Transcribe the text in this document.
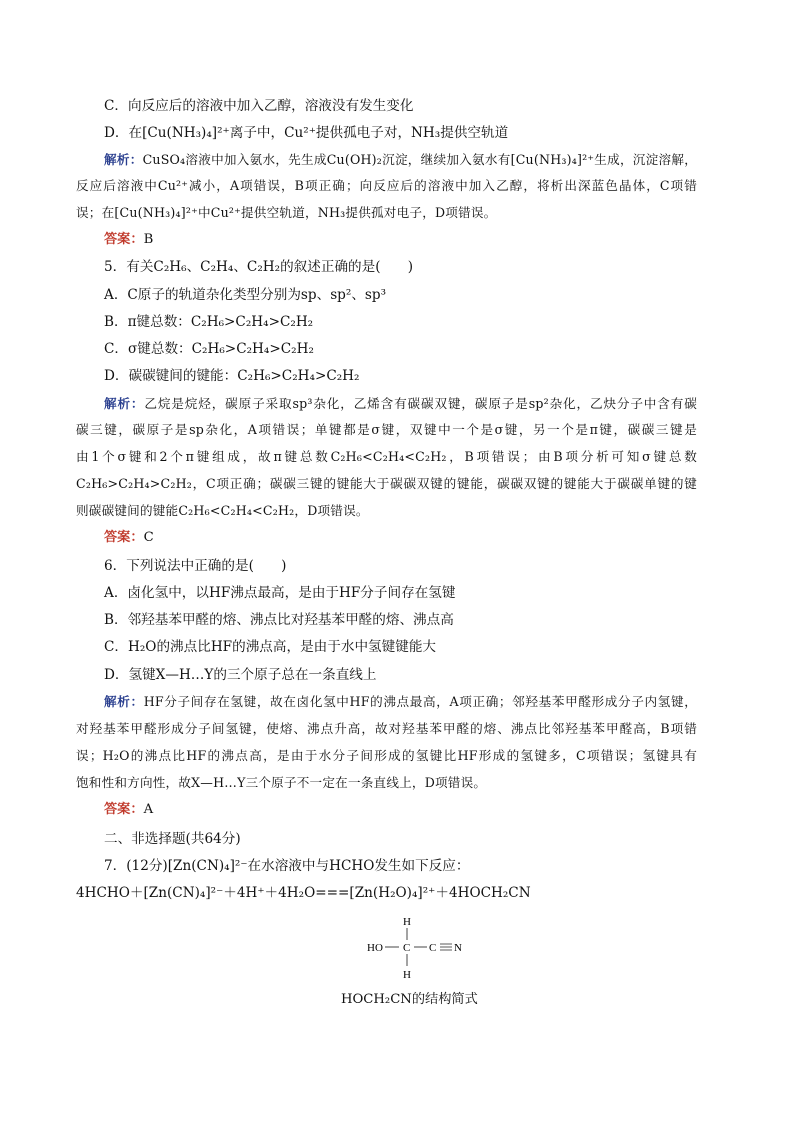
C．向反应后的溶液中加入乙醇，溶液没有发生变化
D．在[Cu(NH₃)₄]²⁺离子中，Cu²⁺提供孤电子对，NH₃提供空轨道
解析：CuSO₄溶液中加入氨水，先生成Cu(OH)₂沉淀，继续加入氨水有[Cu(NH₃)₄]²⁺生成，沉淀溶解，
反应后溶液中Cu²⁺减小，A项错误，B项正确；向反应后的溶液中加入乙醇，将析出深蓝色晶体，C项错
误；在[Cu(NH₃)₄]²⁺中Cu²⁺提供空轨道，NH₃提供孤对电子，D项错误。
答案：B
5．有关C₂H₆、C₂H₄、C₂H₂的叙述正确的是(　　)
A．C原子的轨道杂化类型分别为sp、sp²、sp³
B．π键总数：C₂H₆>C₂H₄>C₂H₂
C．σ键总数：C₂H₆>C₂H₄>C₂H₂
D．碳碳键间的键能：C₂H₆>C₂H₄>C₂H₂
解析：乙烷是烷烃，碳原子采取sp³杂化，乙烯含有碳碳双键，碳原子是sp²杂化，乙炔分子中含有碳
碳三键，碳原子是sp杂化，A项错误；单键都是σ键，双键中一个是σ键，另一个是π键，碳碳三键是
由1个σ键和2个π键组成，故π键总数C₂H₆<C₂H₄<C₂H₂，B项错误；由B项分析可知σ键总数
C₂H₆>C₂H₄>C₂H₂，C项正确；碳碳三键的键能大于碳碳双键的键能，碳碳双键的键能大于碳碳单键的键
则碳碳键间的键能C₂H₆<C₂H₄<C₂H₂，D项错误。
答案：C
6．下列说法中正确的是(　　)
A．卤化氢中，以HF沸点最高，是由于HF分子间存在氢键
B．邻羟基苯甲醛的熔、沸点比对羟基苯甲醛的熔、沸点高
C．H₂O的沸点比HF的沸点高，是由于水中氢键键能大
D．氢键X—H…Y的三个原子总在一条直线上
解析：HF分子间存在氢键，故在卤化氢中HF的沸点最高，A项正确；邻羟基苯甲醛形成分子内氢键，
对羟基苯甲醛形成分子间氢键，使熔、沸点升高，故对羟基苯甲醛的熔、沸点比邻羟基苯甲醛高，B项错
误；H₂O的沸点比HF的沸点高，是由于水分子间形成的氢键比HF形成的氢键多，C项错误；氢键具有
饱和性和方向性，故X—H…Y三个原子不一定在一条直线上，D项错误。
答案：A
二、非选择题(共64分)
7．(12分)[Zn(CN)₄]²⁻在水溶液中与HCHO发生如下反应：
4HCHO＋[Zn(CN)₄]²⁻＋4H⁺＋4H₂O===[Zn(H₂O)₄]²⁺＋4HOCH₂CN
H
HO C C N
H
HOCH₂CN的结构简式
